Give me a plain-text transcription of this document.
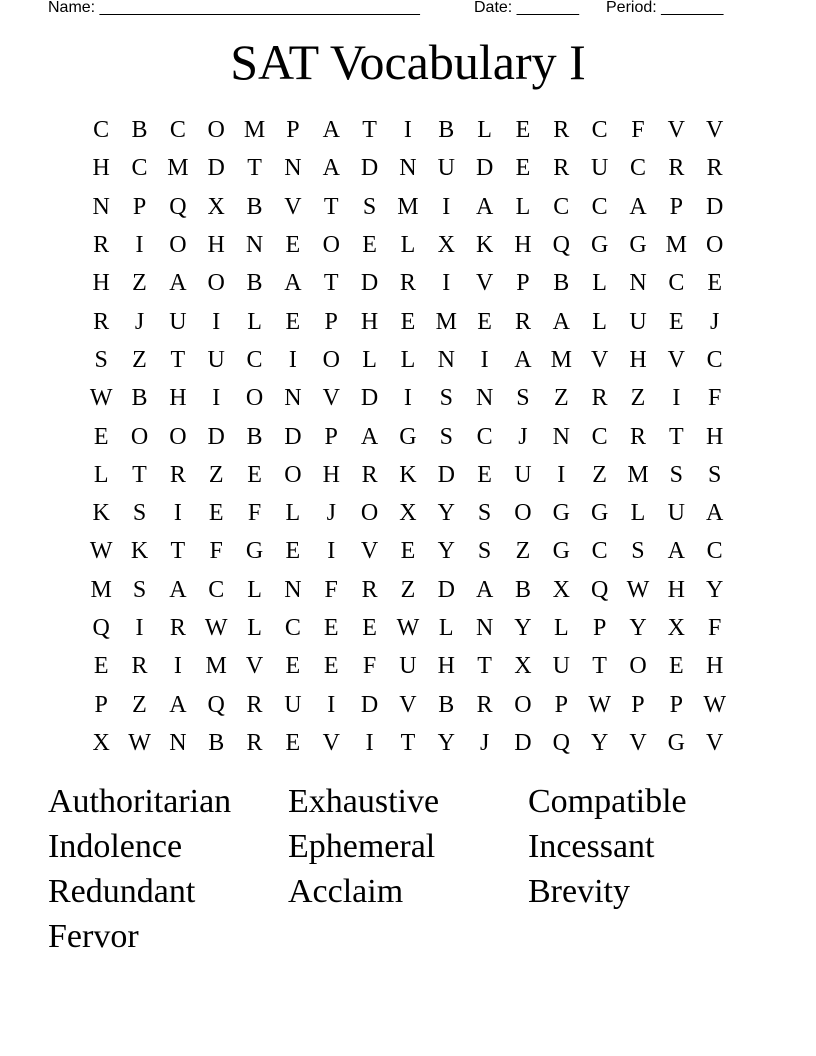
Name: ____________________________________	Date: _______ Period: _______
SAT Vocabulary I
C B C O M P A T	I	B L E R C F V V
H C M D T N A D N U D E R U C R R
N P Q X B V T	S M I	A L C C A P D
R	I	O H N E O E L X K H Q G G M O
H Z A O B A T D R	I	V P B L N C E
R	J	U	I	L E	P H E M E R A L U E	J
S	Z T U C	I	O L L N	I	A M V H V C
W B H	I	O N V D	I	S N S	Z R Z	I	F
E O O D B D P A G S C	J	N C R T H
L T R Z E O H R K D E U	I	Z M S	S
K S	I	E	F	L	J	O X Y S O G G L U A
W K T	F G E	I	V E Y S	Z G C S A C
M S A C L N F R Z D A B X Q W H Y
Q	I	R W L C E E W L N Y L	P Y X F
E R	I M V E E	F U H T X U T O E H
P	Z A Q R U	I	D V B R O P W P	P W
X W N B R E V	I	T Y	J	D Q Y V G V
Authoritarian	Exhaustive	Compatible
Indolence	Ephemeral	Incessant
Redundant	Acclaim	Brevity
Fervor
